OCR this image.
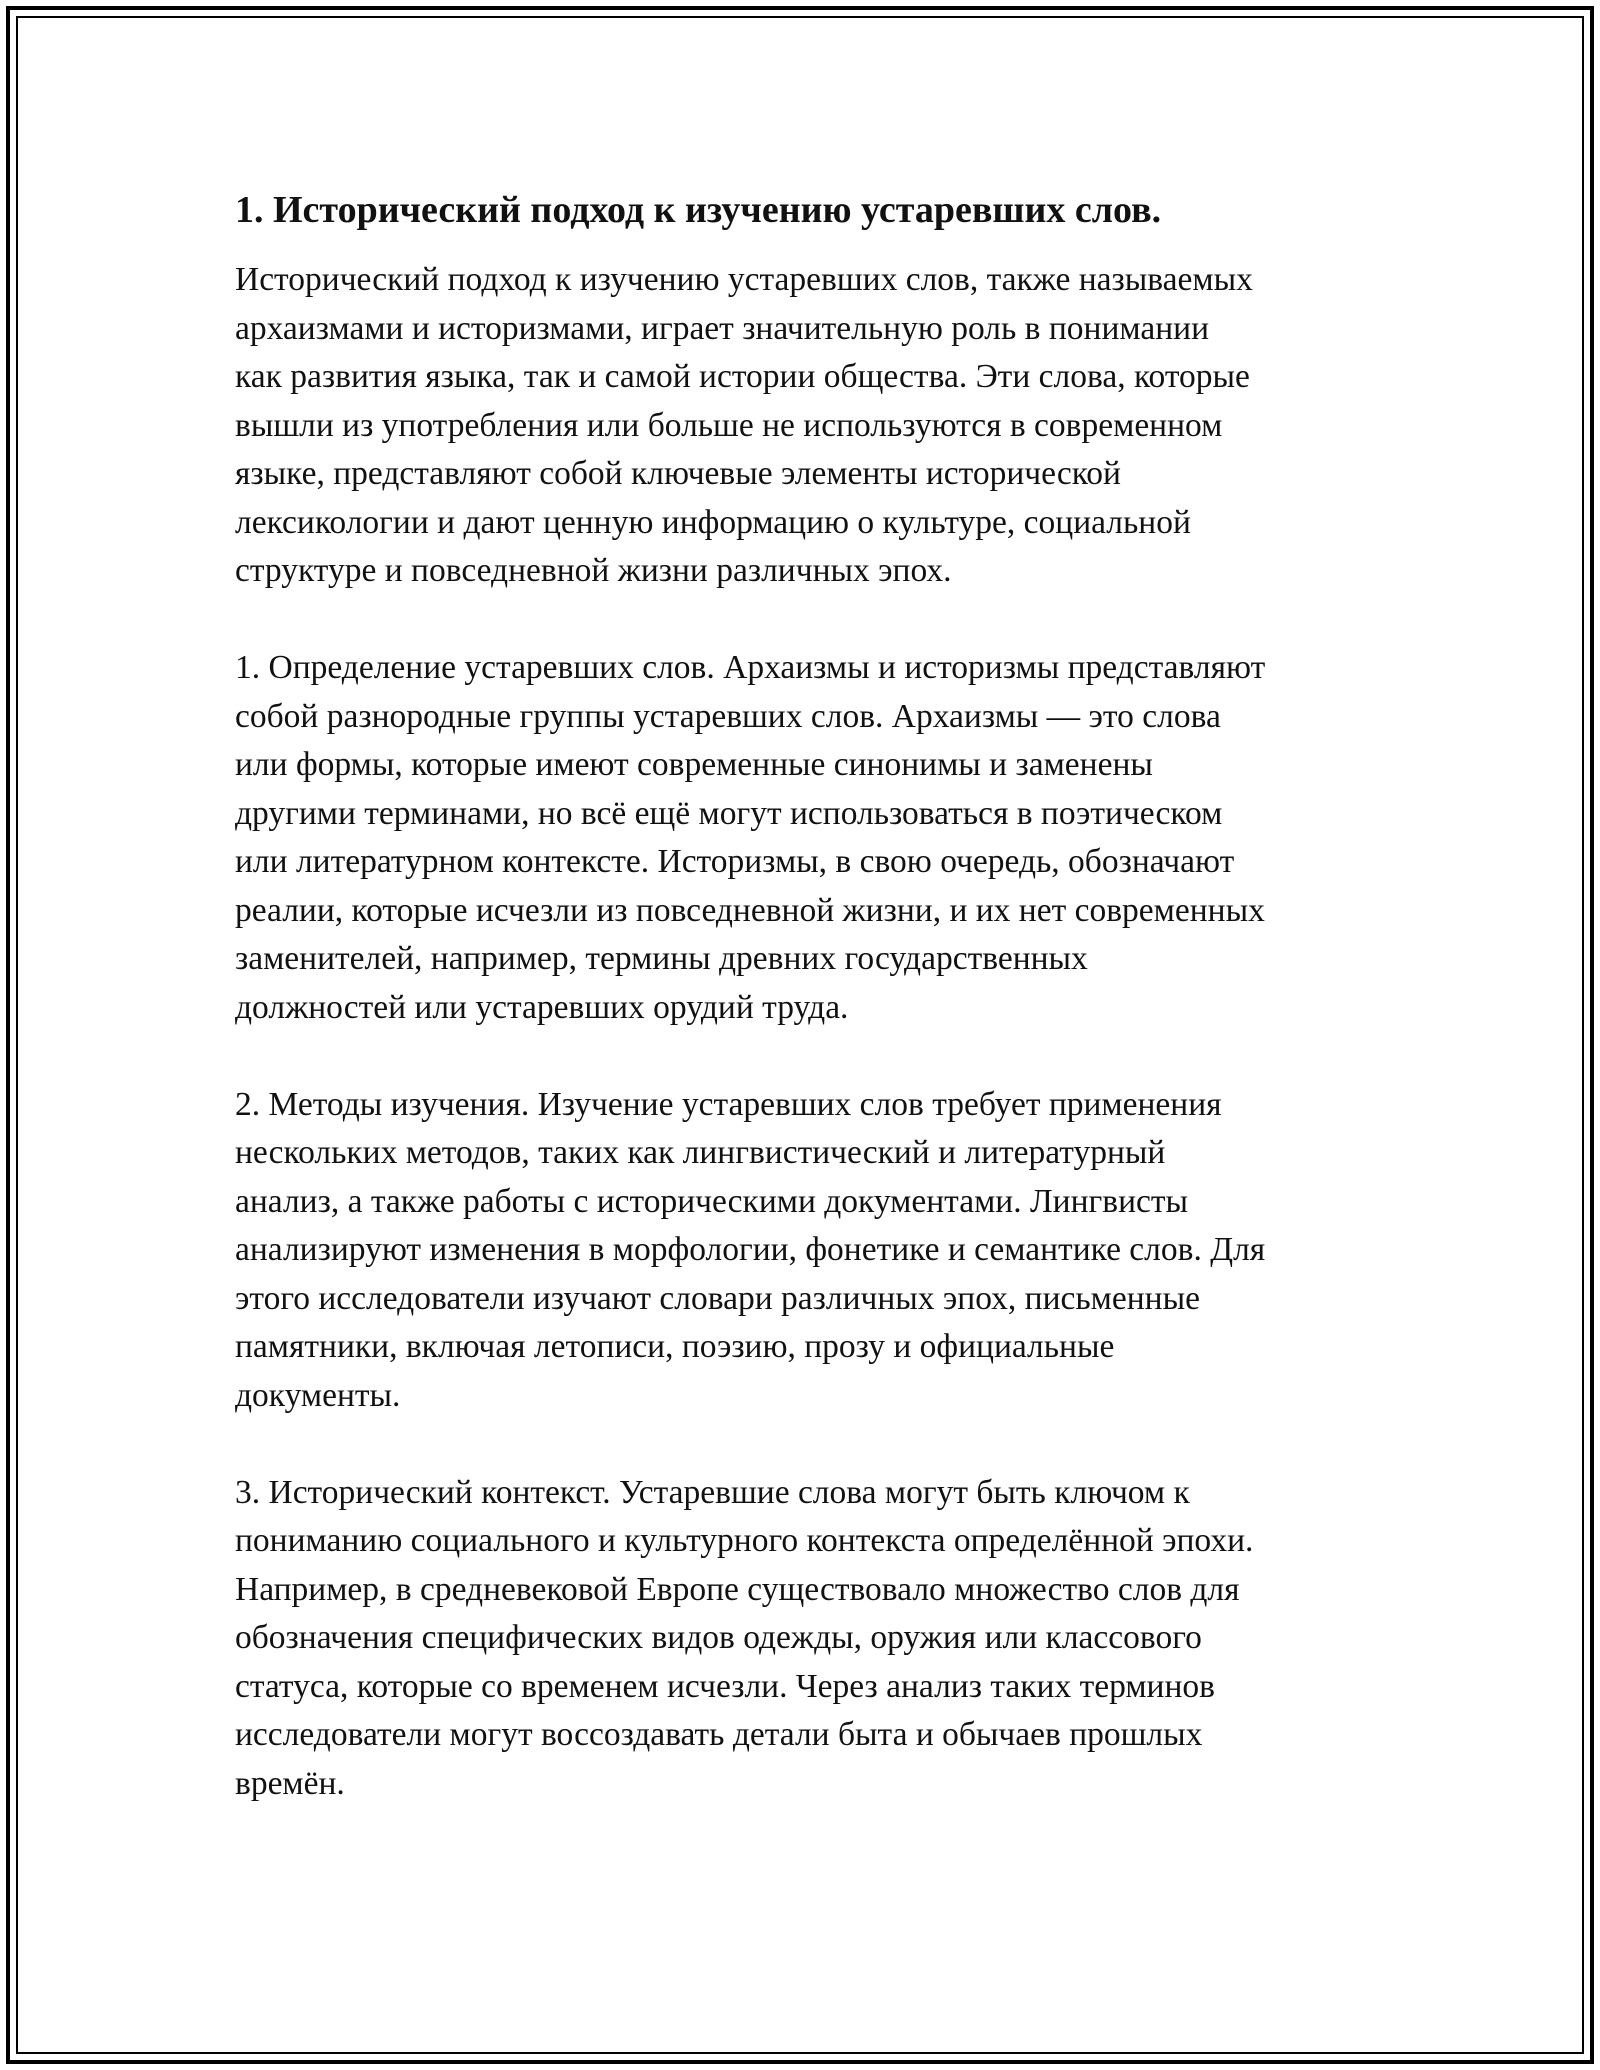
1. Исторический подход к изучению устаревших слов.
Исторический подход к изучению устаревших слов, также называемых
архаизмами и историзмами, играет значительную роль в понимании
как развития языка, так и самой истории общества. Эти слова, которые
вышли из употребления или больше не используются в современном
языке, представляют собой ключевые элементы исторической
лексикологии и дают ценную информацию о культуре, социальной
структуре и повседневной жизни различных эпох.
1. Определение устаревших слов. Архаизмы и историзмы представляют
собой разнородные группы устаревших слов. Архаизмы — это слова
или формы, которые имеют современные синонимы и заменены
другими терминами, но всё ещё могут использоваться в поэтическом
или литературном контексте. Историзмы, в свою очередь, обозначают
реалии, которые исчезли из повседневной жизни, и их нет современных
заменителей, например, термины древних государственных
должностей или устаревших орудий труда.
2. Методы изучения. Изучение устаревших слов требует применения
нескольких методов, таких как лингвистический и литературный
анализ, а также работы с историческими документами. Лингвисты
анализируют изменения в морфологии, фонетике и семантике слов. Для
этого исследователи изучают словари различных эпох, письменные
памятники, включая летописи, поэзию, прозу и официальные
документы.
3. Исторический контекст. Устаревшие слова могут быть ключом к
пониманию социального и культурного контекста определённой эпохи.
Например, в средневековой Европе существовало множество слов для
обозначения специфических видов одежды, оружия или классового
статуса, которые со временем исчезли. Через анализ таких терминов
исследователи могут воссоздавать детали быта и обычаев прошлых
времён.
